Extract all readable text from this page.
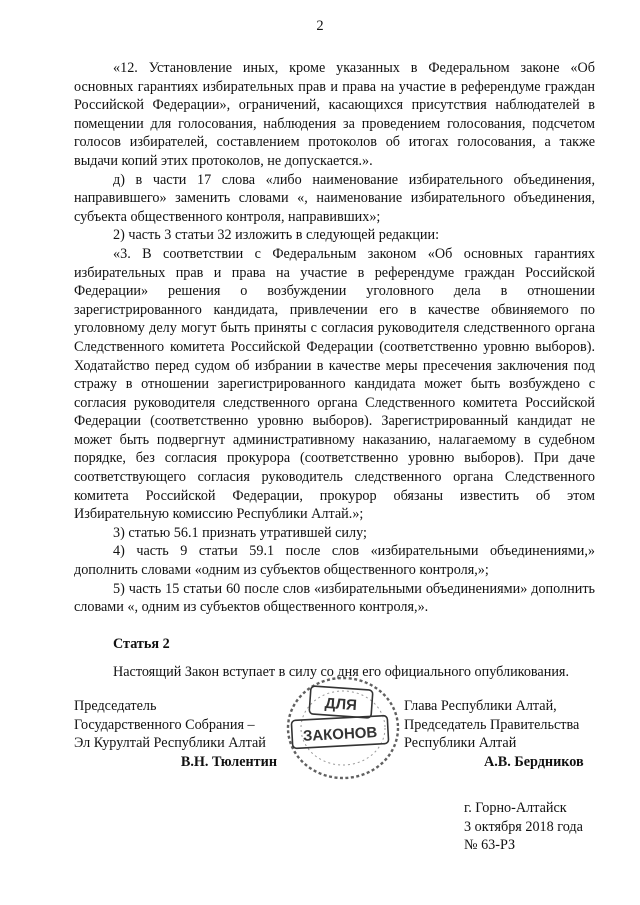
2

«12. Установление иных, кроме указанных в Федеральном законе «Об основных гарантиях избирательных прав и права на участие в референдуме граждан Российской Федерации», ограничений, касающихся присутствия наблюдателей в помещении для голосования, наблюдения за проведением голосования, подсчетом голосов избирателей, составлением протоколов об итогах голосования, а также выдачи копий этих протоколов, не допускается.».

д) в части 17 слова «либо наименование избирательного объединения, направившего» заменить словами «, наименование избирательного объединения, субъекта общественного контроля, направивших»;

2) часть 3 статьи 32 изложить в следующей редакции:

«3. В соответствии с Федеральным законом «Об основных гарантиях избирательных прав и права на участие в референдуме граждан Российской Федерации» решения о возбуждении уголовного дела в отношении зарегистрированного кандидата, привлечении его в качестве обвиняемого по уголовному делу могут быть приняты с согласия руководителя следственного органа Следственного комитета Российской Федерации (соответственно уровню выборов). Ходатайство перед судом об избрании в качестве меры пресечения заключения под стражу в отношении зарегистрированного кандидата может быть возбуждено с согласия руководителя следственного органа Следственного комитета Российской Федерации (соответственно уровню выборов). Зарегистрированный кандидат не может быть подвергнут административному наказанию, налагаемому в судебном порядке, без согласия прокурора (соответственно уровню выборов). При даче соответствующего согласия руководитель следственного органа Следственного комитета Российской Федерации, прокурор обязаны известить об этом Избирательную комиссию Республики Алтай.»;

3) статью 56.1 признать утратившей силу;

4) часть 9 статьи 59.1 после слов «избирательными объединениями,» дополнить словами «одним из субъектов общественного контроля,»;

5) часть 15 статьи 60 после слов «избирательными объединениями» дополнить словами «, одним из субъектов общественного контроля,».

Статья 2

Настоящий Закон вступает в силу со дня его официального опубликования.

Председатель
Государственного Собрания –
Эл Курултай Республики Алтай
В.Н. Тюлентин
ДЛЯ
ЗАКОНОВ
Глава Республики Алтай,
Председатель Правительства
Республики Алтай
А.В. Бердников
г. Горно-Алтайск
3 октября 2018 года
№ 63-РЗ
